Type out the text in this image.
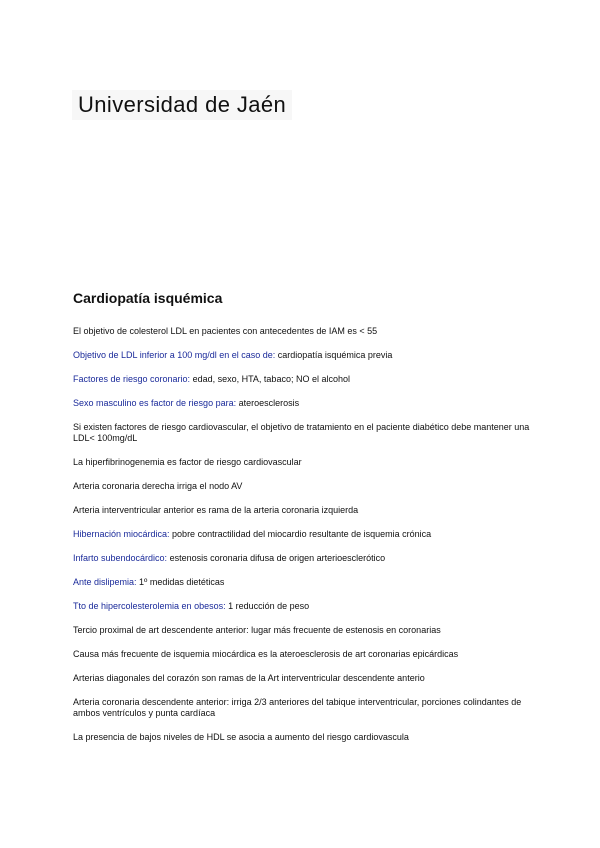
Universidad de Jaén
Cardiopatía isquémica

El objetivo de colesterol LDL en pacientes con antecedentes de IAM es < 55

Objetivo de LDL inferior a 100 mg/dl en el caso de: cardiopatía isquémica previa

Factores de riesgo coronario: edad, sexo, HTA, tabaco; NO el alcohol

Sexo masculino es factor de riesgo para: ateroesclerosis

Si existen factores de riesgo cardiovascular, el objetivo de tratamiento en el paciente diabético debe mantener una LDL< 100mg/dL

La hiperfibrinogenemia es factor de riesgo cardiovascular

Arteria coronaria derecha irriga el nodo AV

Arteria interventricular anterior es rama de la arteria coronaria izquierda

Hibernación miocárdica: pobre contractilidad del miocardio resultante de isquemia crónica

Infarto subendocárdico: estenosis coronaria difusa de origen arterioesclerótico

Ante dislipemia: 1º medidas dietéticas

Tto de hipercolesterolemia en obesos: 1 reducción de peso

Tercio proximal de art descendente anterior: lugar más frecuente de estenosis en coronarias

Causa más frecuente de isquemia miocárdica es la ateroesclerosis de art coronarias epicárdicas

Arterias diagonales del corazón son ramas de la Art interventricular descendente anterio

Arteria coronaria descendente anterior: irriga 2/3 anteriores del tabique interventricular, porciones colindantes de ambos ventrículos y punta cardíaca

La presencia de bajos niveles de HDL se asocia a aumento del riesgo cardiovascula
